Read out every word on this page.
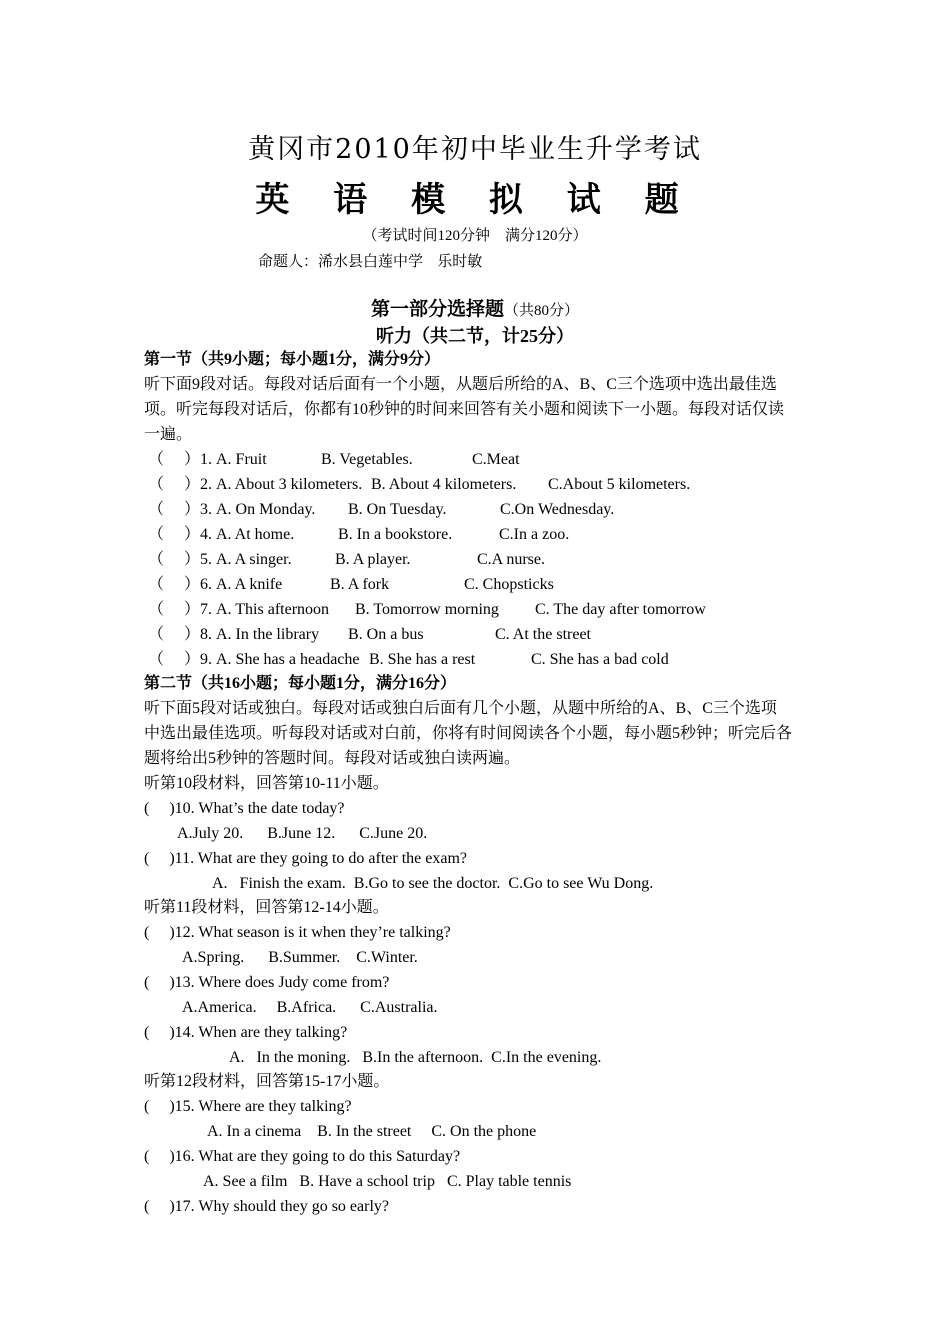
黄冈市2010年初中毕业生升学考试
英 语 模 拟 试 题
（考试时间120分钟    满分120分）
命题人：浠水县白莲中学   乐时敏
第一部分选择题（共80分）
听力（共二节，计25分）
第一节（共9小题；每小题1分，满分9分）
听下面9段对话。每段对话后面有一个小题，从题后所给的A、B、C三个选项中选出最佳选
项。听完每段对话后，你都有10秒钟的时间来回答有关小题和阅读下一小题。每段对话仅读
一遍。

（　 ）1. A. Fruit

	B. Vegetables.

	C.Meat

（　 ）2. A. About 3 kilometers.

B. About 4 kilometers.

C.About 5 kilometers.

（　 ）3. A. On Monday.

B. On Tuesday.

	C.On Wednesday.

（　 ）4. A. At home.

	B. In a bookstore.

	C.In a zoo.

（　 ）5. A. A singer.

	B. A player.

	C.A nurse.

（　 ）6. A. A knife

	B. A fork

	C. Chopsticks

（　 ）7. A. This afternoon

B. Tomorrow morning

C. The day after tomorrow

（　 ）8. A. In the library

B. On a bus

	C. At the street

（　 ）9. A. She has a headache

B. She has a rest

	C. She has a bad cold

第二节（共16小题；每小题1分，满分16分）
听下面5段对话或独白。每段对话或独白后面有几个小题，从题中所给的A、B、C三个选项
中选出最佳选项。听每段对话或对白前，你将有时间阅读各个小题，每小题5秒钟；听完后各
题将给出5秒钟的答题时间。每段对话或独白读两遍。
听第10段材料，回答第10-11小题。
(     )10. What’s the date today?
A.July 20.      B.June 12.      C.June 20.
(     )11. What are they going to do after the exam?
A.   Finish the exam.  B.Go to see the doctor.  C.Go to see Wu Dong.
听第11段材料，回答第12-14小题。
(     )12. What season is it when they’re talking?
A.Spring.      B.Summer.    C.Winter.
(     )13. Where does Judy come from?
A.America.     B.Africa.      C.Australia.
(     )14. When are they talking?
A.   In the moning.   B.In the afternoon.  C.In the evening.
听第12段材料，回答第15-17小题。
(     )15. Where are they talking?
A. In a cinema    B. In the street     C. On the phone
(     )16. What are they going to do this Saturday?
A. See a film   B. Have a school trip   C. Play table tennis
(     )17. Why should they go so early?
